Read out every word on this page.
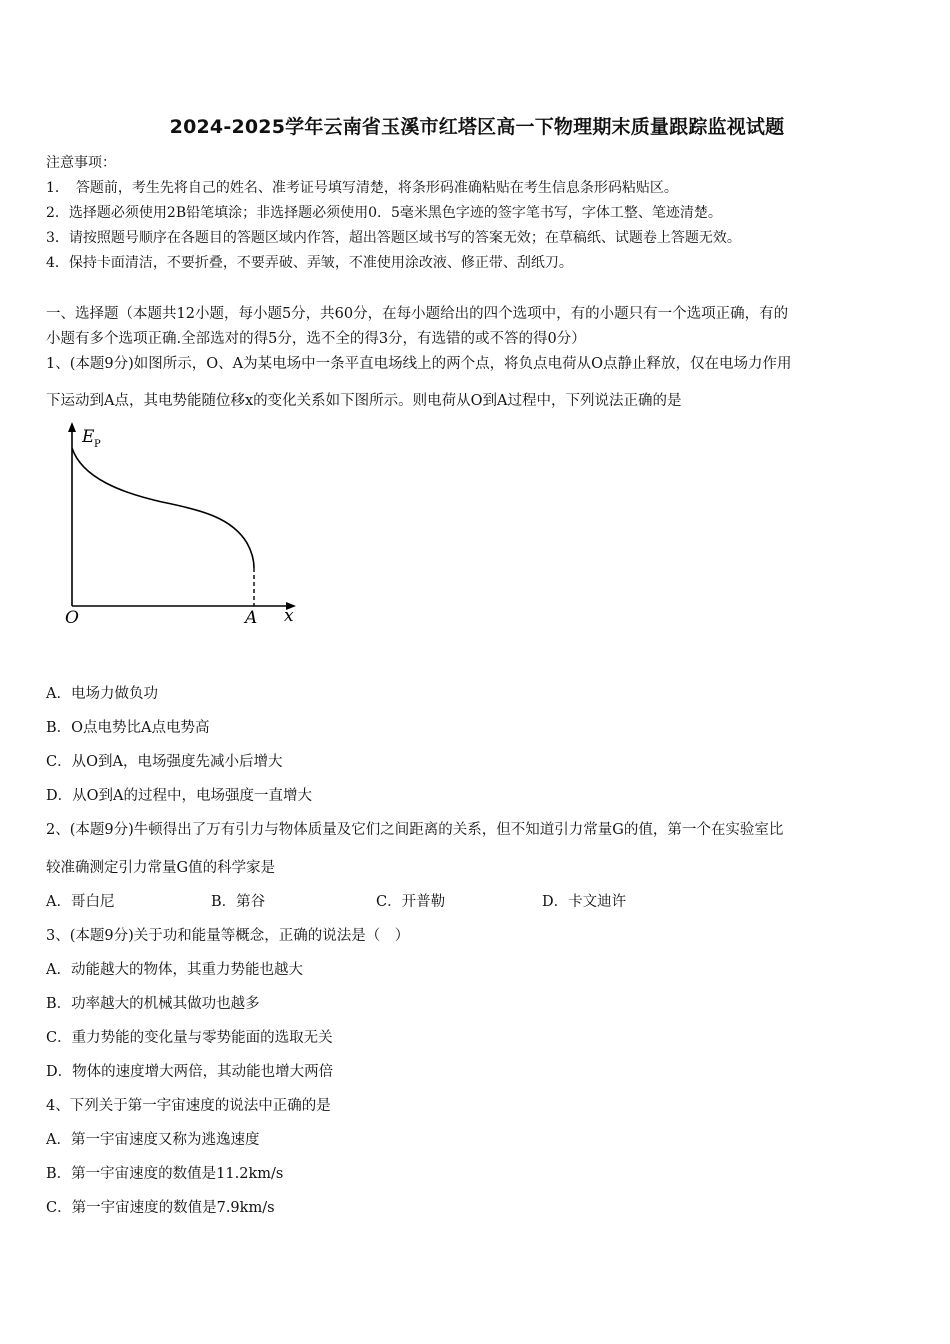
2024-2025学年云南省玉溪市红塔区高一下物理期末质量跟踪监视试题
注意事项：
1．　答题前，考生先将自己的姓名、准考证号填写清楚，将条形码准确粘贴在考生信息条形码粘贴区。
2．选择题必须使用2B铅笔填涂；非选择题必须使用0．5毫米黑色字迹的签字笔书写，字体工整、笔迹清楚。
3．请按照题号顺序在各题目的答题区域内作答，超出答题区域书写的答案无效；在草稿纸、试题卷上答题无效。
4．保持卡面清洁，不要折叠，不要弄破、弄皱，不准使用涂改液、修正带、刮纸刀。
一、选择题（本题共12小题，每小题5分，共60分，在每小题给出的四个选项中，有的小题只有一个选项正确，有的
小题有多个选项正确.全部选对的得5分，选不全的得3分，有选错的或不答的得0分）
1、(本题9分)如图所示，O、A为某电场中一条平直电场线上的两个点，将负点电荷从O点静止释放，仅在电场力作用
下运动到A点，其电势能随位移x的变化关系如下图所示。则电荷从O到A过程中，下列说法正确的是
E P
O	A x
A．电场力做负功
B．O点电势比A点电势高
C．从O到A，电场强度先减小后增大
D．从O到A的过程中，电场强度一直增大
2、(本题9分)牛顿得出了万有引力与物体质量及它们之间距离的关系，但不知道引力常量G的值，第一个在实验室比
较准确测定引力常量G值的科学家是
A．哥白尼	B．第谷	C．开普勒	D．卡文迪许
3、(本题9分)关于功和能量等概念，正确的说法是（　）
A．动能越大的物体，其重力势能也越大
B．功率越大的机械其做功也越多
C．重力势能的变化量与零势能面的选取无关
D．物体的速度增大两倍，其动能也增大两倍
4、下列关于第一宇宙速度的说法中正确的是
A．第一宇宙速度又称为逃逸速度
B．第一宇宙速度的数值是11.2km/s
C．第一宇宙速度的数值是7.9km/s
